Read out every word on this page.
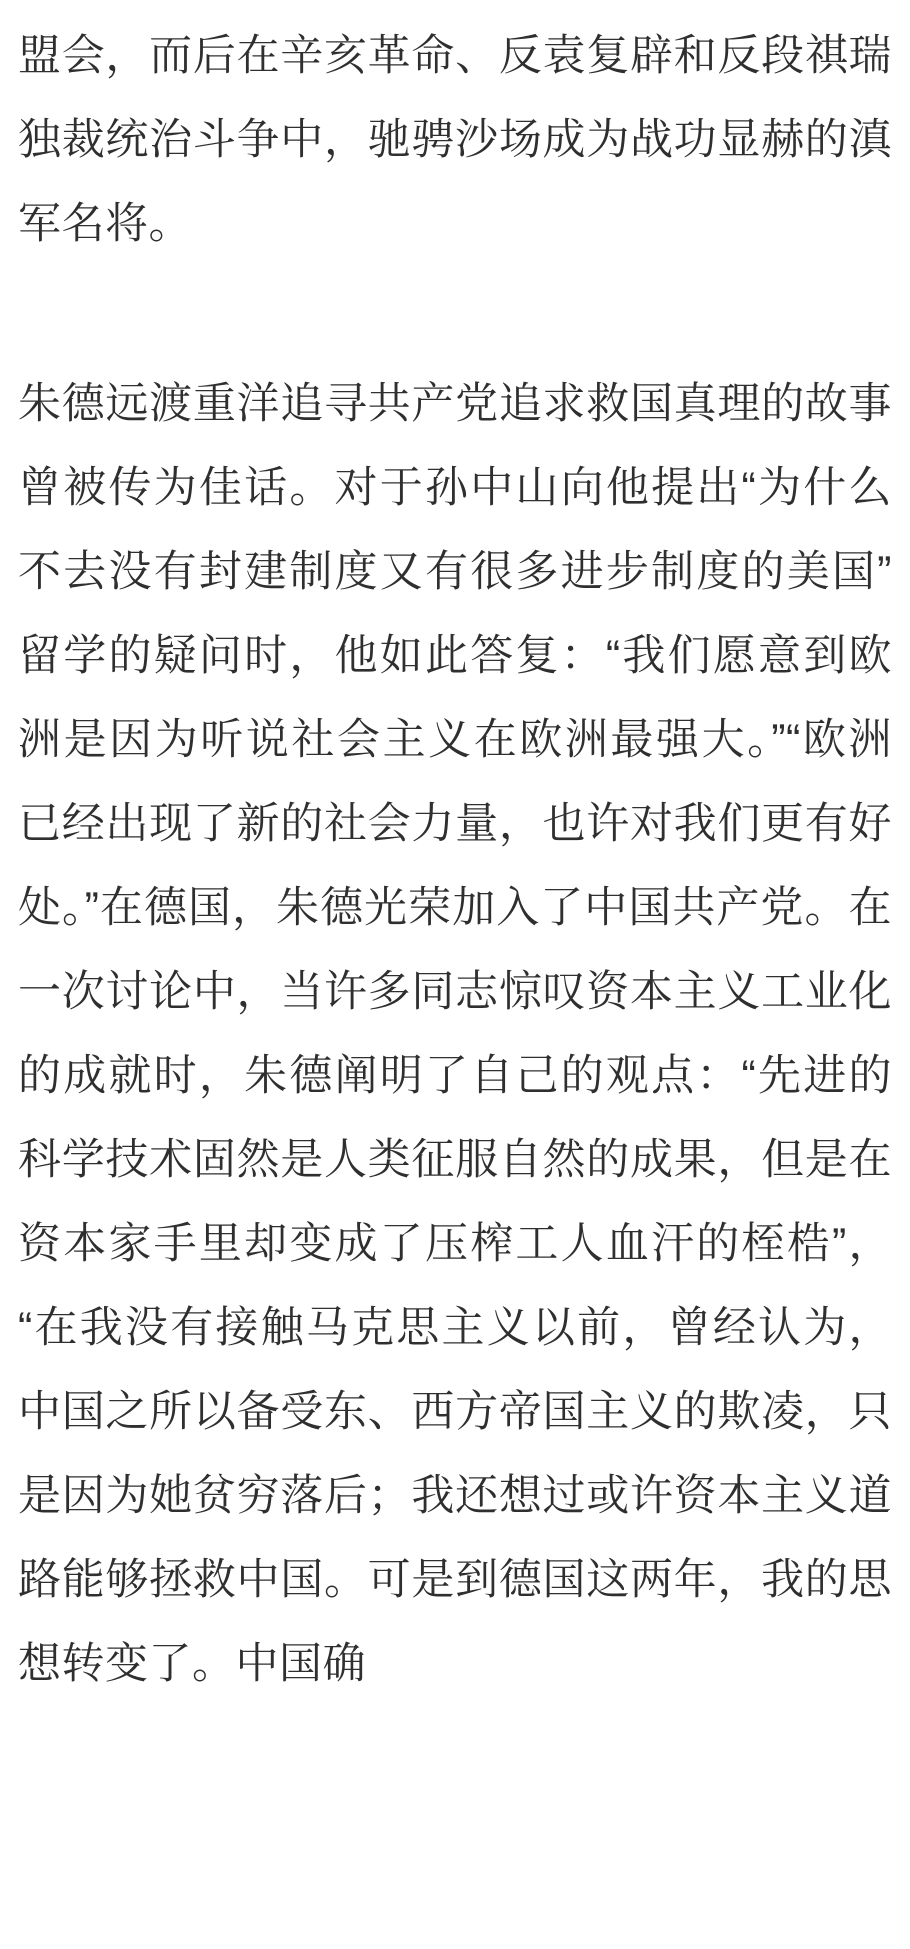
盟会，而后在辛亥革命、反袁复辟和反段祺瑞独裁统治斗争中，驰骋沙场成为战功显赫的滇军名将。

朱德远渡重洋追寻共产党追求救国真理的故事曾被传为佳话。对于孙中山向他提出“为什么不去没有封建制度又有很多进步制度的美国”留学的疑问时，他如此答复：“我们愿意到欧洲是因为听说社会主义在欧洲最强大。”“欧洲已经出现了新的社会力量，也许对我们更有好处。”在德国，朱德光荣加入了中国共产党。在一次讨论中，当许多同志惊叹资本主义工业化的成就时，朱德阐明了自己的观点：“先进的科学技术固然是人类征服自然的成果，但是在资本家手里却变成了压榨工人血汗的桎梏”，“在我没有接触马克思主义以前，曾经认为，中国之所以备受东、西方帝国主义的欺凌，只是因为她贫穷落后；我还想过或许资本主义道路能够拯救中国。可是到德国这两年，我的思想转变了。中国确
